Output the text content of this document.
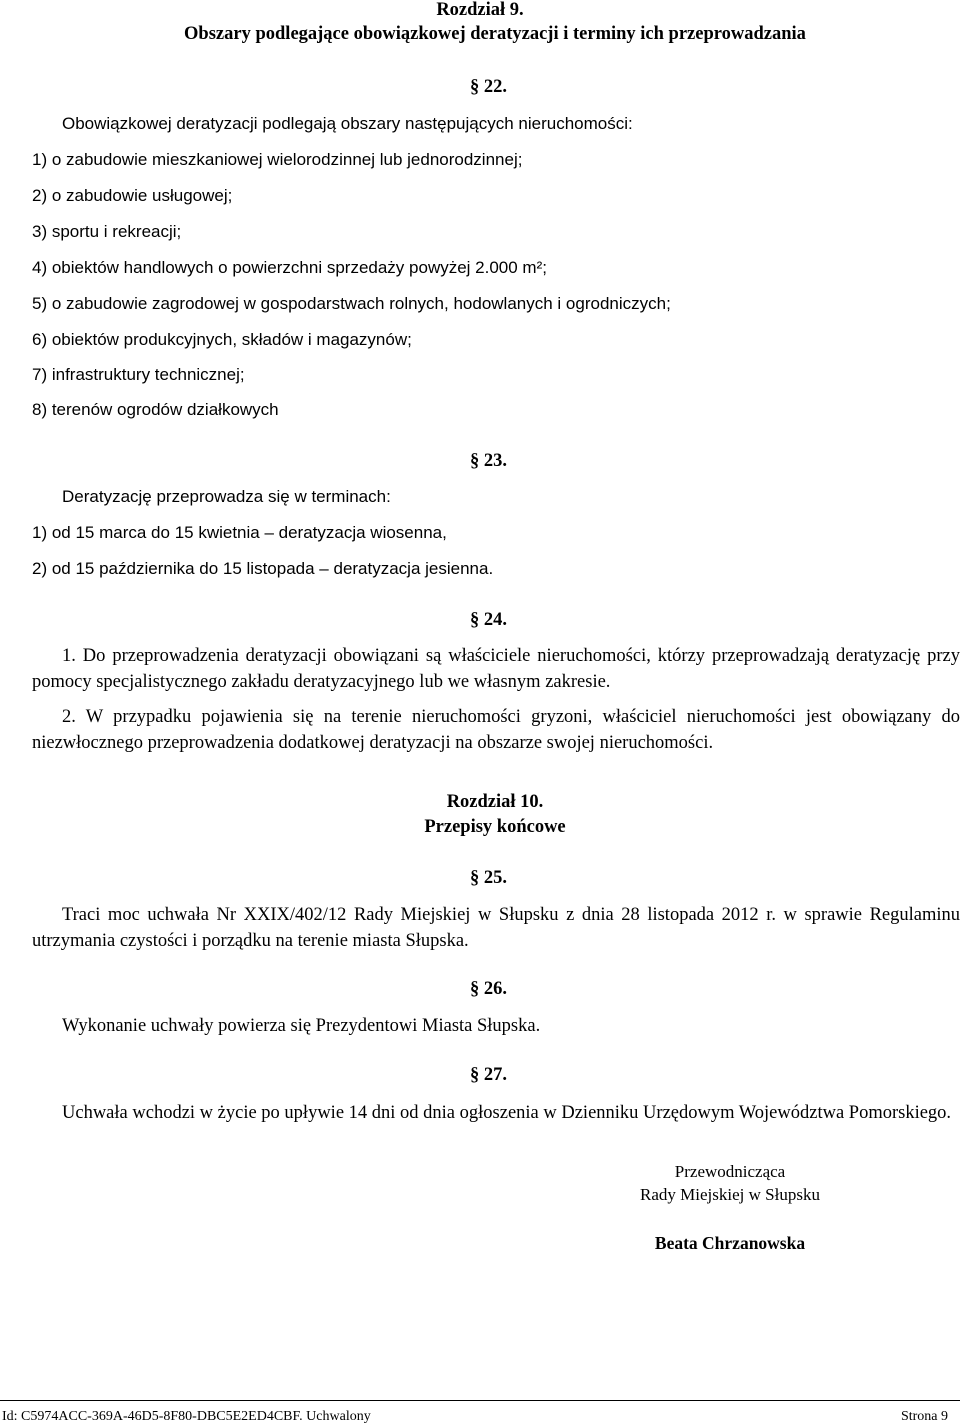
Rozdział 9.
Obszary podlegające obowiązkowej deratyzacji i terminy ich przeprowadzania
§ 22.
Obowiązkowej deratyzacji podlegają obszary następujących nieruchomości:
1) o zabudowie mieszkaniowej wielorodzinnej lub jednorodzinnej;
2) o zabudowie usługowej;
3) sportu i rekreacji;
4) obiektów handlowych o powierzchni sprzedaży powyżej 2.000 m²;
5) o zabudowie zagrodowej w gospodarstwach rolnych, hodowlanych i ogrodniczych;
6) obiektów produkcyjnych, składów i magazynów;
7) infrastruktury technicznej;
8) terenów ogrodów działkowych
§ 23.
Deratyzację przeprowadza się w terminach:
1) od 15 marca do 15 kwietnia – deratyzacja wiosenna,
2) od 15 października do 15 listopada – deratyzacja jesienna.
§ 24.
1. Do przeprowadzenia deratyzacji obowiązani są właściciele nieruchomości, którzy przeprowadzają deratyzację przy pomocy specjalistycznego zakładu deratyzacyjnego lub we własnym zakresie.
2. W przypadku pojawienia się na terenie nieruchomości gryzoni, właściciel nieruchomości jest obowiązany do niezwłocznego przeprowadzenia dodatkowej deratyzacji na obszarze swojej nieruchomości.
Rozdział 10.
Przepisy końcowe
§ 25.
Traci moc uchwała Nr XXIX/402/12 Rady Miejskiej w Słupsku z dnia 28 listopada 2012 r. w sprawie Regulaminu utrzymania czystości i porządku na terenie miasta Słupska.
§ 26.
Wykonanie uchwały powierza się Prezydentowi Miasta Słupska.
§ 27.
Uchwała wchodzi w życie po upływie 14 dni od dnia ogłoszenia w Dzienniku Urzędowym Województwa Pomorskiego.
Przewodnicząca
Rady Miejskiej w Słupsku
Beata Chrzanowska
Id: C5974ACC-369A-46D5-8F80-DBC5E2ED4CBF. Uchwalony	Strona 9
